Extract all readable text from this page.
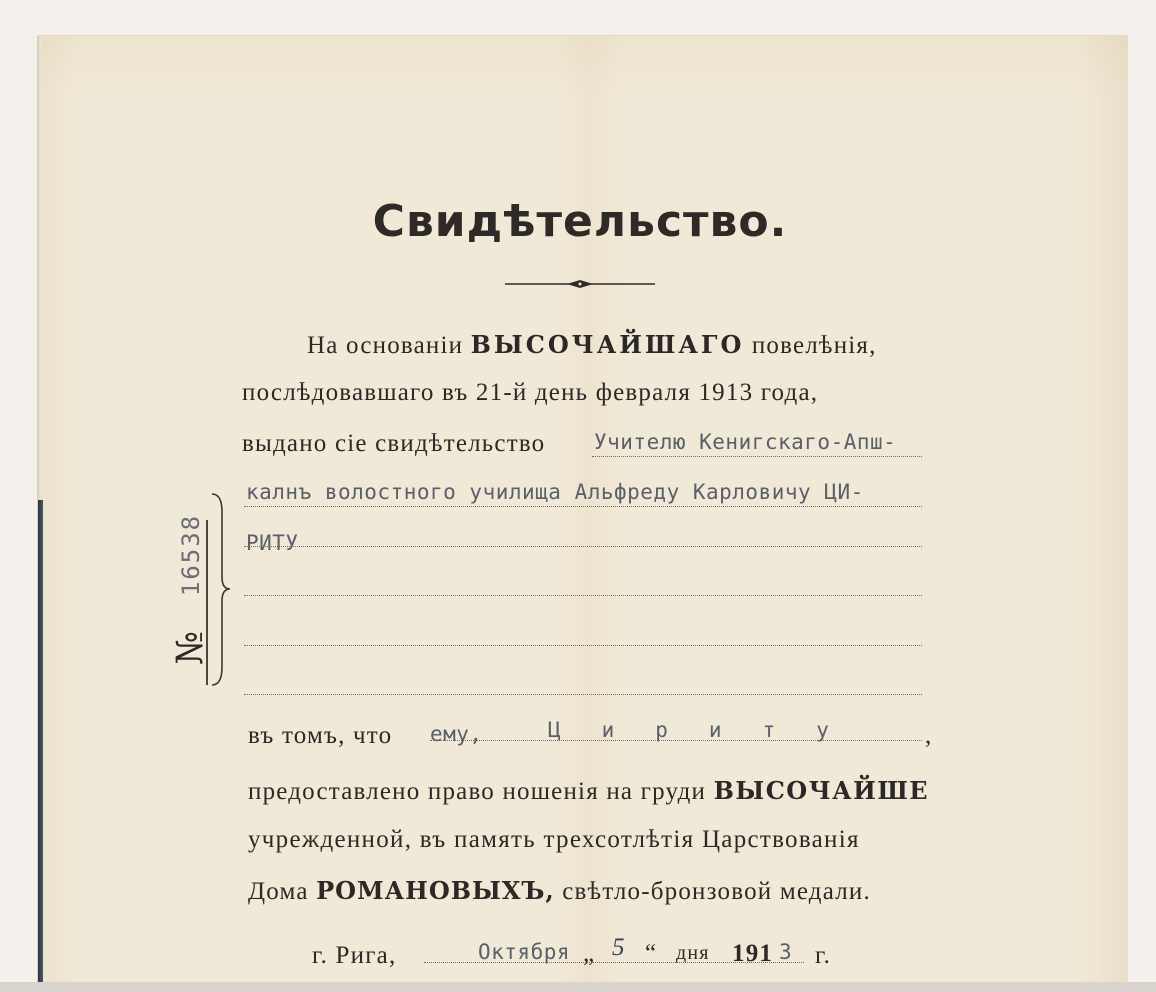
Свидѣтельство.
На основаніи ВЫСОЧАЙШАГО повелѣнія,
послѣдовавшаго въ 21-й день февраля 1913 года,
выдано сіе свидѣтельство Учителю Кенигскаго-Апш-
калнъ волостного училища Альфреду Карловичу ЦИ-
РИТУ
16538
№
въ томъ, что ему,	Цириту ,
предоставлено право ношенія на груди ВЫСОЧАЙШЕ
учрежденной, въ память трехсотлѣтія Царствованія
Дома РОМАНОВЫХЪ, свѣтло-бронзовой медали.
г. Рига,	Октября „ 5 “ дня 191 3 г.
